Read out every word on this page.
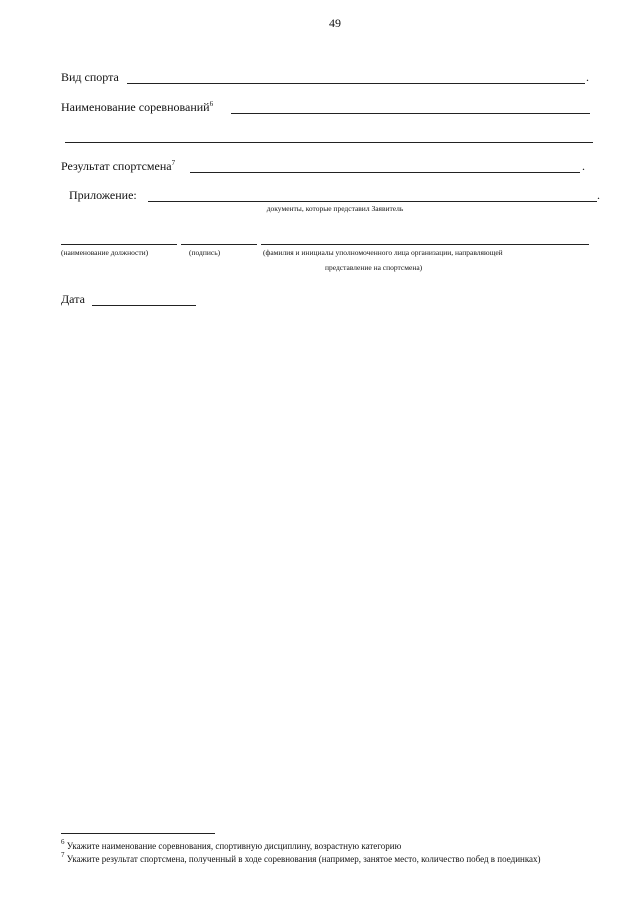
49
Вид спорта	.
Наименование соревнований$^6$
Результат спортсмена$^7$	.
Приложение:	.
документы, которые представил Заявитель
(наименование должности)	(подпись)	(фамилия и инициалы уполномоченного лица организации, направляющей
представление на спортсмена)
Дата
$^6$ Укажите наименование соревнования, спортивную дисциплину, возрастную категорию
$^7$ Укажите результат спортсмена, полученный в ходе соревнования (например, занятое место, количество побед в поединках)
